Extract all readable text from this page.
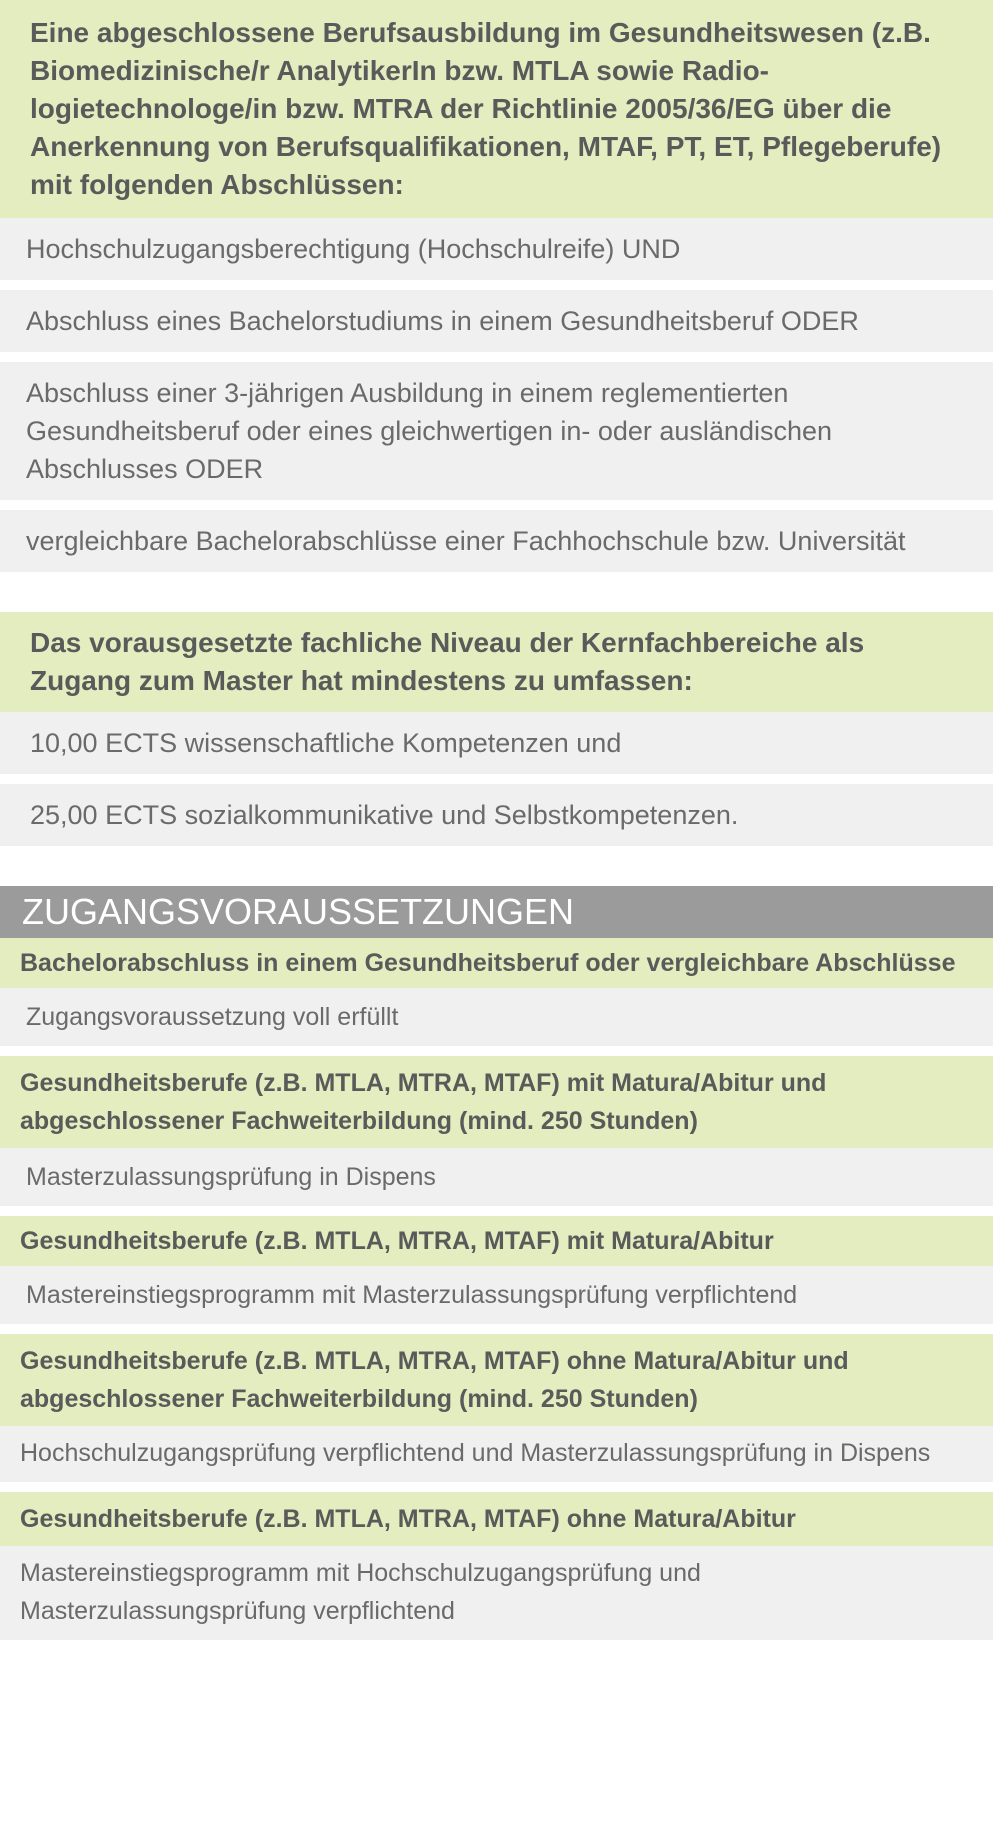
Eine abgeschlossene Berufsausbildung im Gesundheitswesen (z.B. Biomedizinische/r AnalytikerIn bzw. MTLA sowie Radiologietechnologe/in bzw. MTRA der Richtlinie 2005/36/EG über die Anerkennung von Berufsqualifikationen, MTAF, PT, ET, Pflegeberufe) mit folgenden Abschlüssen:
Hochschulzugangsberechtigung (Hochschulreife) UND
Abschluss eines Bachelorstudiums in einem Gesundheitsberuf ODER
Abschluss einer 3-jährigen Ausbildung in einem reglementierten Gesundheitsberuf oder eines gleichwertigen in- oder ausländischen Abschlusses ODER
vergleichbare Bachelorabschlüsse einer Fachhochschule bzw. Universität
Das vorausgesetzte fachliche Niveau der Kernfachbereiche als Zugang zum Master hat mindestens zu umfassen:
10,00 ECTS wissenschaftliche Kompetenzen und
25,00 ECTS sozialkommunikative und Selbstkompetenzen.
ZUGANGSVORAUSSETZUNGEN
Bachelorabschluss in einem Gesundheitsberuf oder vergleichbare Abschlüsse
Zugangsvoraussetzung voll erfüllt
Gesundheitsberufe (z.B. MTLA, MTRA, MTAF) mit Matura/Abitur und abgeschlossener Fachweiterbildung (mind. 250 Stunden)
Masterzulassungsprüfung in Dispens
Gesundheitsberufe (z.B. MTLA, MTRA, MTAF) mit Matura/Abitur
Mastereinstiegsprogramm mit Masterzulassungsprüfung verpflichtend
Gesundheitsberufe (z.B. MTLA, MTRA, MTAF) ohne Matura/Abitur und abgeschlossener Fachweiterbildung (mind. 250 Stunden)
Hochschulzugangsprüfung verpflichtend und Masterzulassungsprüfung in Dispens
Gesundheitsberufe (z.B. MTLA, MTRA, MTAF) ohne Matura/Abitur
Mastereinstiegsprogramm mit Hochschulzugangsprüfung und Masterzulassungsprüfung verpflichtend
